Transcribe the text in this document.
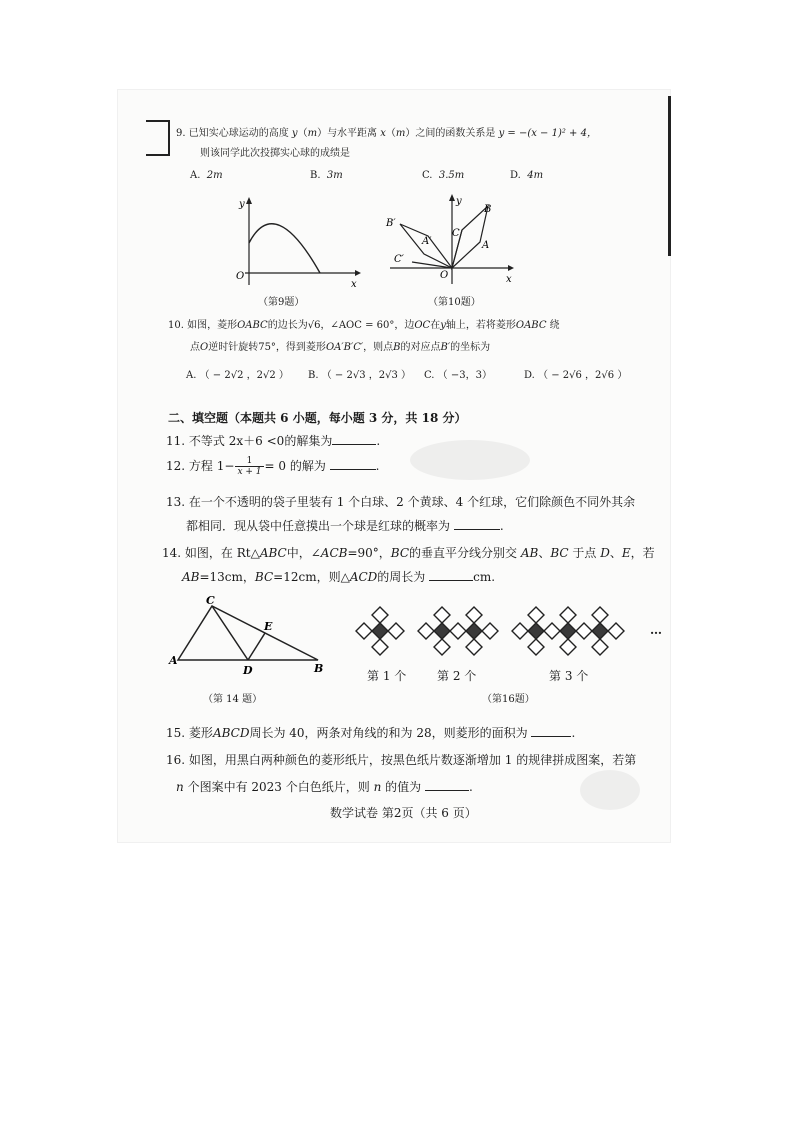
9. 已知实心球运动的高度 y（m）与水平距离 x（m）之间的函数关系是 y = −(x − 1)² + 4，
则该同学此次投掷实心球的成绩是
A. 2m	B. 3m	C. 3.5m	D. 4m
y
x
O
（第9题）
B
A
C
B′
A′
C′
O
y
x
（第10题）
10. 如图，菱形OABC的边长为√6，∠AOC = 60°，边OC在y轴上，若将菱形OABC 绕
点O逆时针旋转75°，得到菱形OA′B′C′，则点B的对应点B′的坐标为
A. （ − 2√2 ，2√2 ） B. （ − 2√3 ，2√3 ） C. （ −3，3）	D. （ − 2√6 ，2√6 ）
二、填空题（本题共 6 小题，每小题 3 分，共 18 分）
11. 不等式 2x＋6 <0的解集为	.
12. 方程 $1- \frac{1}{x + 1} = 0$ 的解为	.
13. 在一个不透明的袋子里装有 1 个白球、2 个黄球、4 个红球，它们除颜色不同外其余
都相同．现从袋中任意摸出一个球是红球的概率为	.
14. 如图，在 Rt△ABC中，∠ACB=90°，BC的垂直平分线分别交 AB、BC 于点 D、E，若
AB=13cm，BC=12cm，则△ACD的周长为	cm.
A
C
E
D	B
（第 14 题）
第 1 个	第 2 个	第 3 个
…
（第16题）
15. 菱形ABCD周长为 40，两条对角线的和为 28，则菱形的面积为	.
16. 如图，用黑白两种颜色的菱形纸片，按黑色纸片数逐渐增加 1 的规律拼成图案，若第
n 个图案中有 2023 个白色纸片，则 n 的值为	.
数学试卷 第2页（共 6 页）
